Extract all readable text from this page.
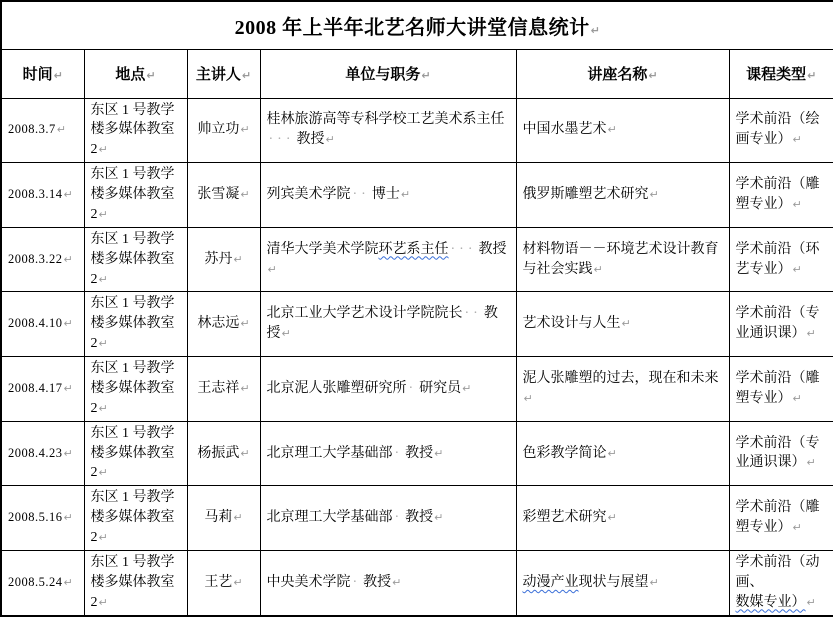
2008 年上半年北艺名师大讲堂信息统计↵					
时间↵	地点↵	主讲人↵	单位与职务↵	讲座名称↵	课程类型↵
2008.3.7↵	东区 1 号教学楼多媒体教室 2↵	帅立功↵	桂林旅游高等专科学校工艺美术系主任··· 教授↵	中国水墨艺术↵	学术前沿（绘画专业）↵
2008.3.14↵	东区 1 号教学楼多媒体教室 2↵	张雪凝↵	列宾美术学院 ·· 博士↵	俄罗斯雕塑艺术研究↵	学术前沿（雕塑专业）↵
2008.3.22↵	东区 1 号教学楼多媒体教室 2↵	苏丹↵	清华大学美术学院环艺系主任 ··· 教授↵	材料物语－－环境艺术设计教育与社会实践↵	学术前沿（环艺专业）↵
2008.4.10↵	东区 1 号教学楼多媒体教室 2↵	林志远↵	北京工业大学艺术设计学院院长 ·· 教授↵	艺术设计与人生↵	学术前沿（专业通识课）↵
2008.4.17↵	东区 1 号教学楼多媒体教室 2↵	王志祥↵	北京泥人张雕塑研究所 · 研究员↵	泥人张雕塑的过去，现在和未来↵	学术前沿（雕塑专业）↵
2008.4.23↵	东区 1 号教学楼多媒体教室 2↵	杨振武↵	北京理工大学基础部 · 教授↵	色彩教学简论↵	学术前沿（专业通识课）↵
2008.5.16↵	东区 1 号教学楼多媒体教室 2↵	马莉↵	北京理工大学基础部 · 教授↵	彩塑艺术研究↵	学术前沿（雕塑专业）↵
2008.5.24↵	东区 1 号教学楼多媒体教室 2↵	王艺↵	中央美术学院 · 教授↵	动漫产业现状与展望↵	学术前沿（动画、数媒专业）↵
